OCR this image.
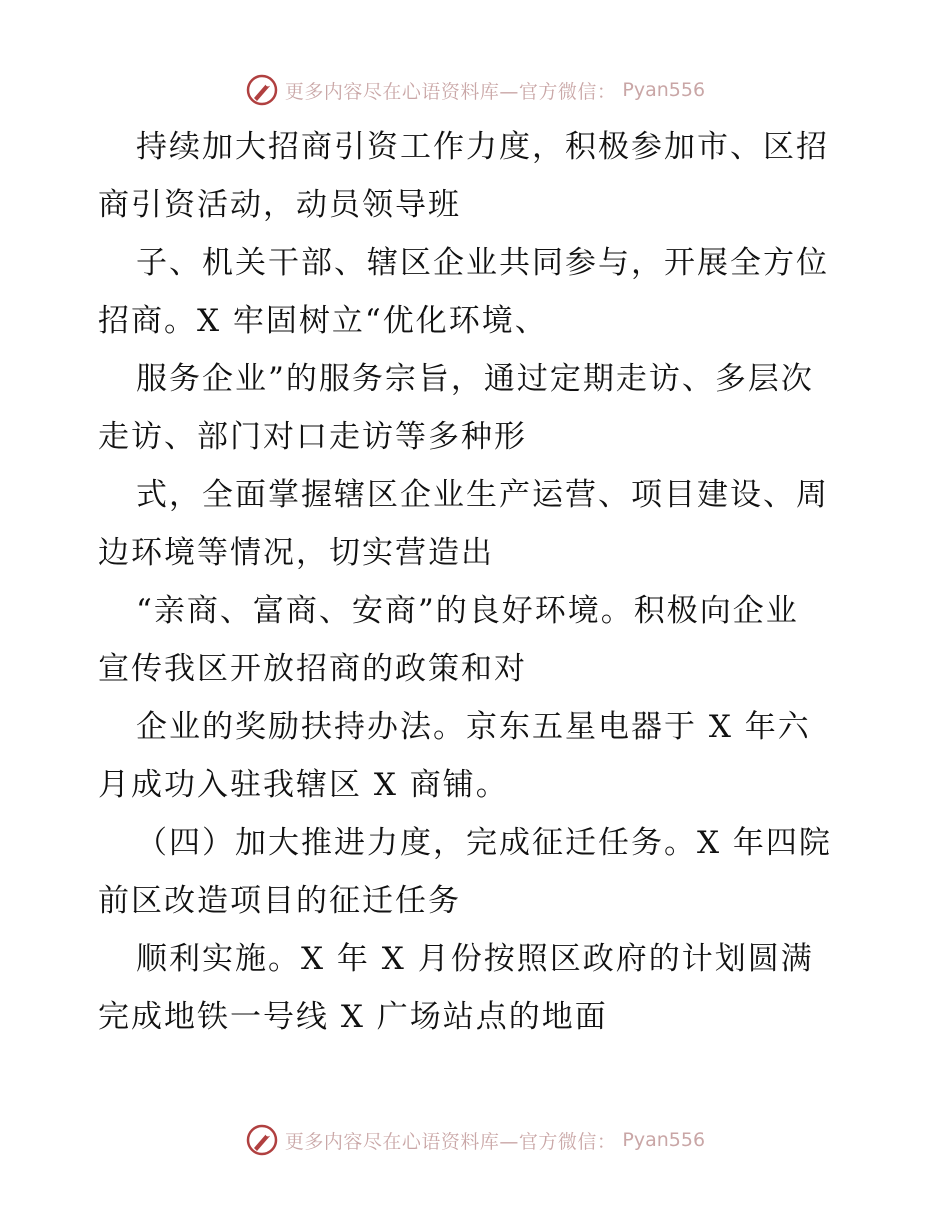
更多内容尽在心语资料库—官方微信： Pyan556
持续加大招商引资工作力度，积极参加市、区招
商引资活动，动员领导班
子、机关干部、辖区企业共同参与，开展全方位
招商。X 牢固树立“优化环境、
服务企业”的服务宗旨，通过定期走访、多层次
走访、部门对口走访等多种形
式，全面掌握辖区企业生产运营、项目建设、周
边环境等情况，切实营造出
“亲商、富商、安商”的良好环境。积极向企业
宣传我区开放招商的政策和对
企业的奖励扶持办法。京东五星电器于 X 年六
月成功入驻我辖区 X 商铺。
（四）加大推进力度，完成征迁任务。X 年四院
前区改造项目的征迁任务
顺利实施。X 年 X 月份按照区政府的计划圆满
完成地铁一号线 X 广场站点的地面
更多内容尽在心语资料库—官方微信： Pyan556
